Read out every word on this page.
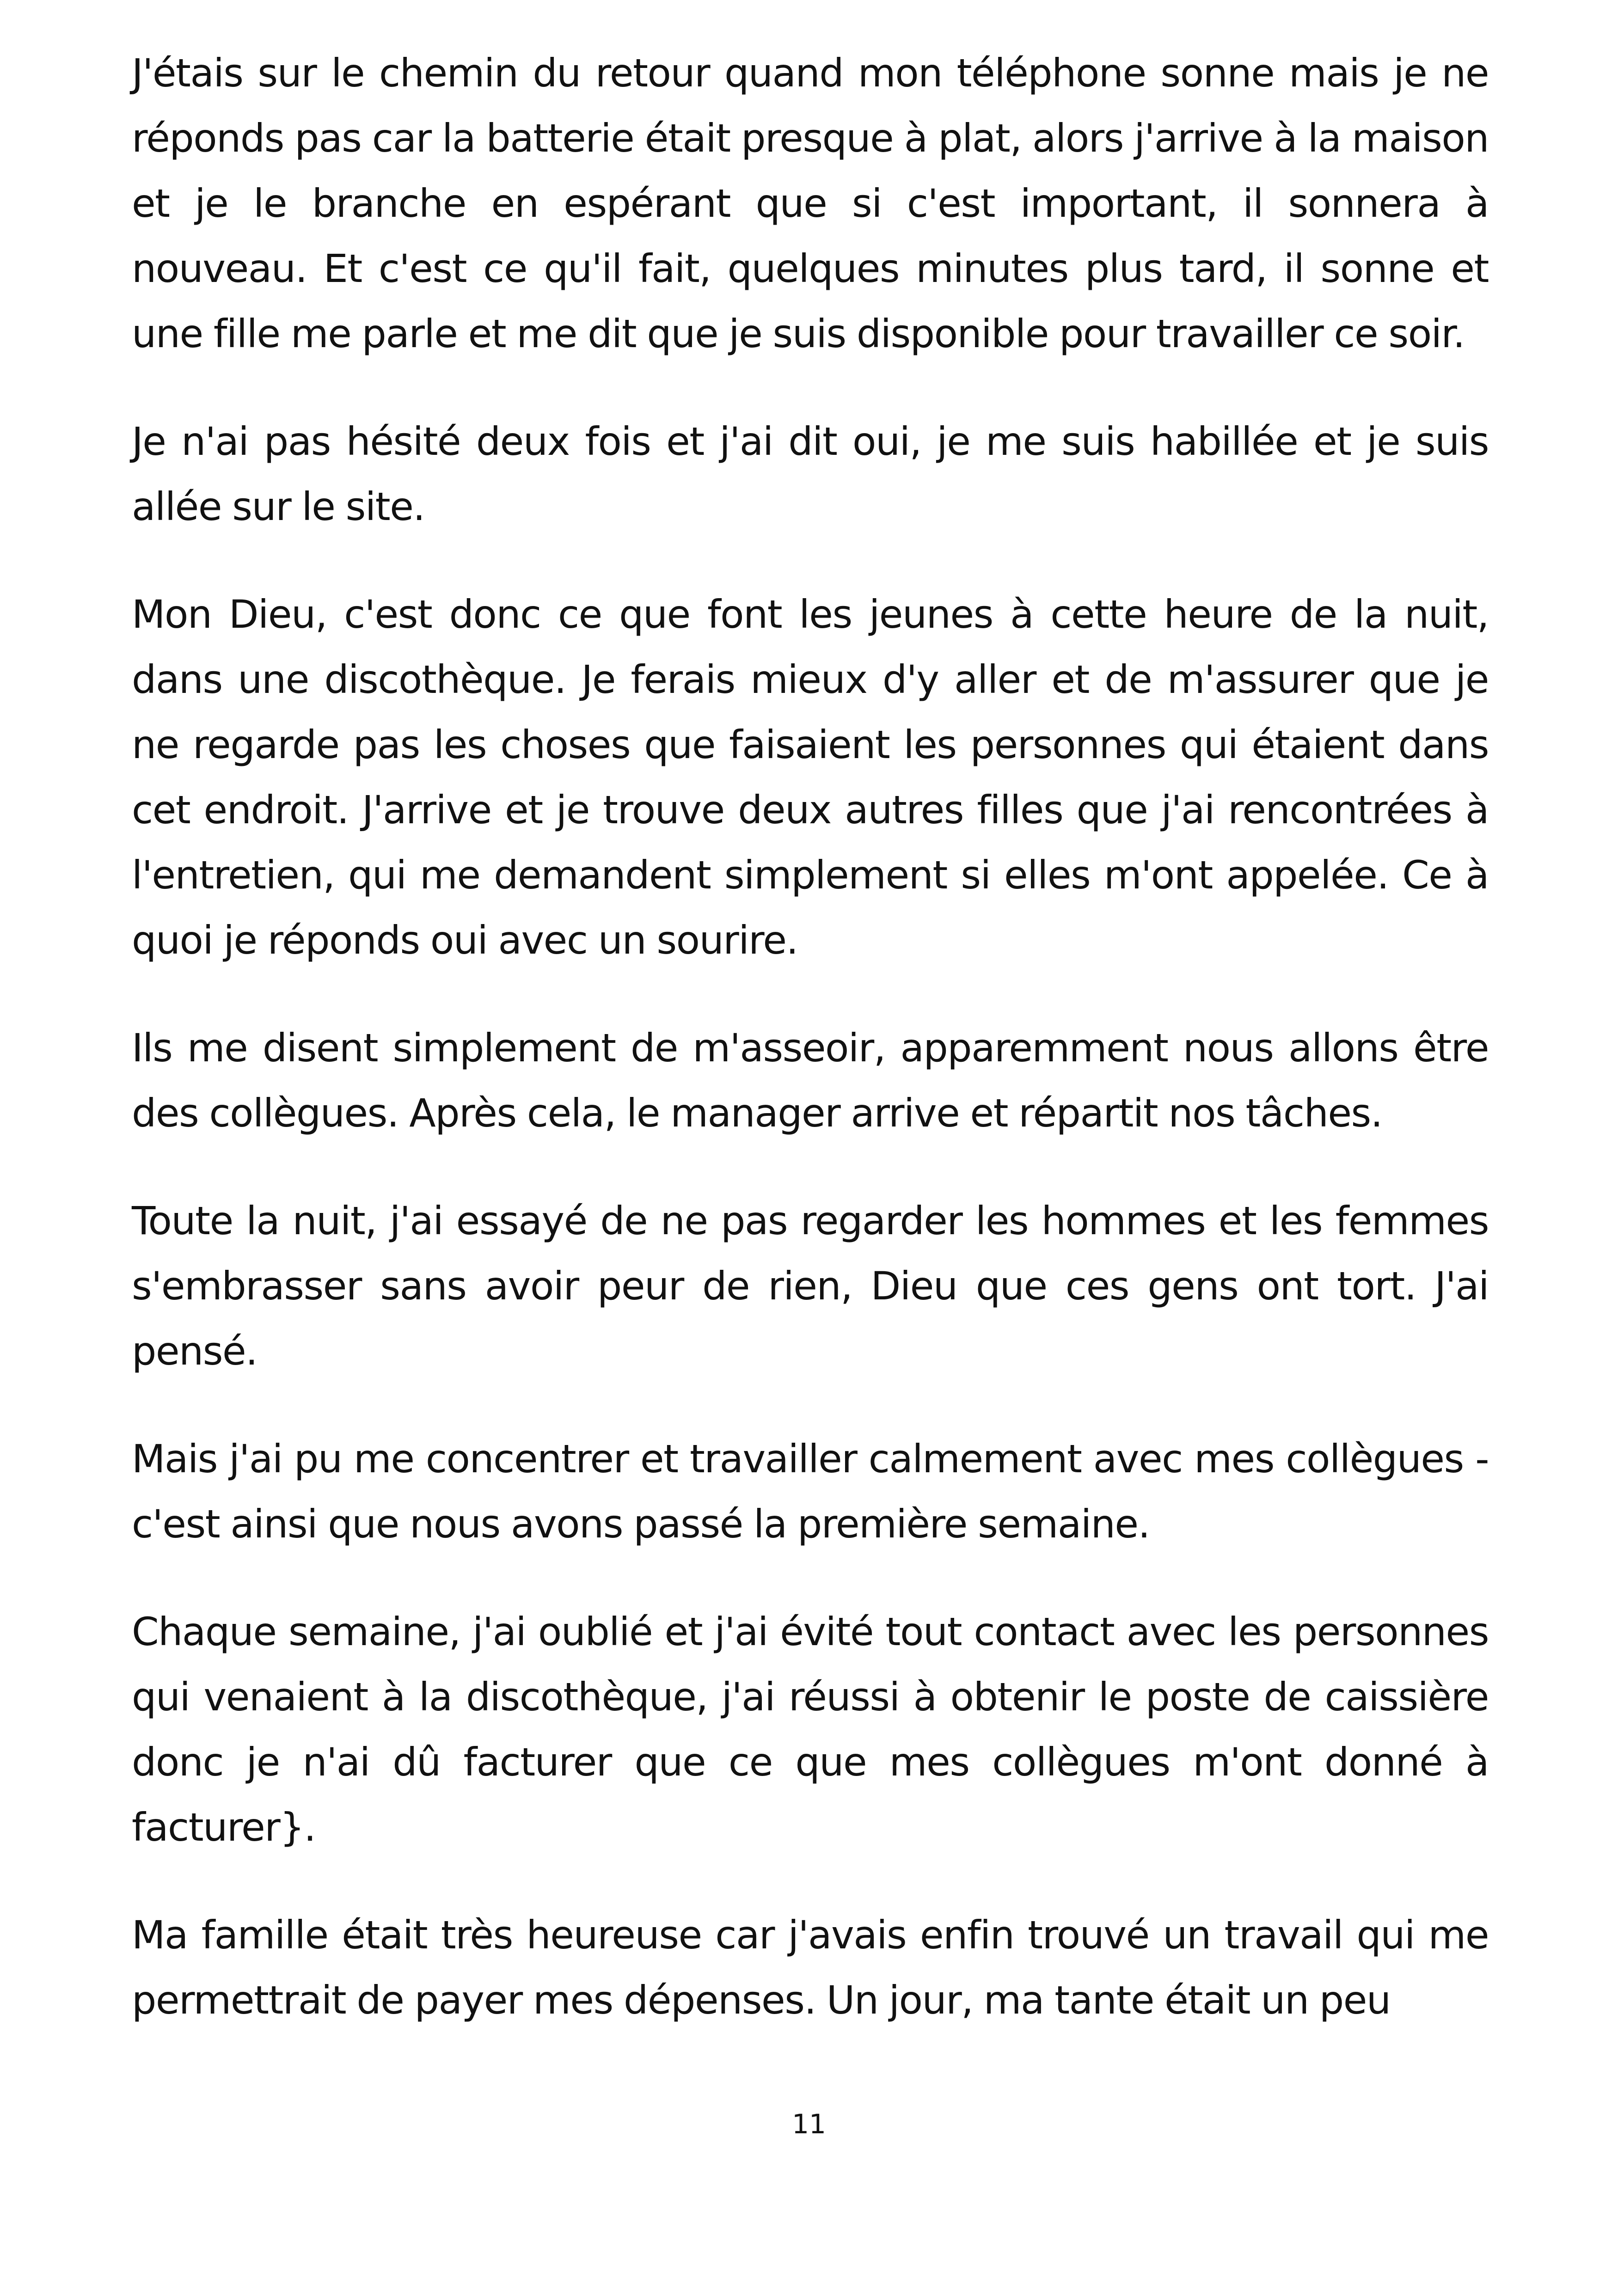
J'étais sur le chemin du retour quand mon téléphone sonne mais je ne réponds pas car la batterie était presque à plat, alors j'arrive à la maison et je le branche en espérant que si c'est important, il sonnera à nouveau. Et c'est ce qu'il fait, quelques minutes plus tard, il sonne et une fille me parle et me dit que je suis disponible pour travailler ce soir.

Je n'ai pas hésité deux fois et j'ai dit oui, je me suis habillée et je suis allée sur le site.

Mon Dieu, c'est donc ce que font les jeunes à cette heure de la nuit, dans une discothèque. Je ferais mieux d'y aller et de m'assurer que je ne regarde pas les choses que faisaient les personnes qui étaient dans cet endroit. J'arrive et je trouve deux autres filles que j'ai rencontrées à l'entretien, qui me demandent simplement si elles m'ont appelée. Ce à quoi je réponds oui avec un sourire.

Ils me disent simplement de m'asseoir, apparemment nous allons être des collègues. Après cela, le manager arrive et répartit nos tâches.

Toute la nuit, j'ai essayé de ne pas regarder les hommes et les femmes s'embrasser sans avoir peur de rien, Dieu que ces gens ont tort. J'ai pensé.

Mais j'ai pu me concentrer et travailler calmement avec mes collègues - c'est ainsi que nous avons passé la première semaine.

Chaque semaine, j'ai oublié et j'ai évité tout contact avec les personnes qui venaient à la discothèque, j'ai réussi à obtenir le poste de caissière donc je n'ai dû facturer que ce que mes collègues m'ont donné à facturer}.

Ma famille était très heureuse car j'avais enfin trouvé un travail qui me permettrait de payer mes dépenses. Un jour, ma tante était un peu

11
